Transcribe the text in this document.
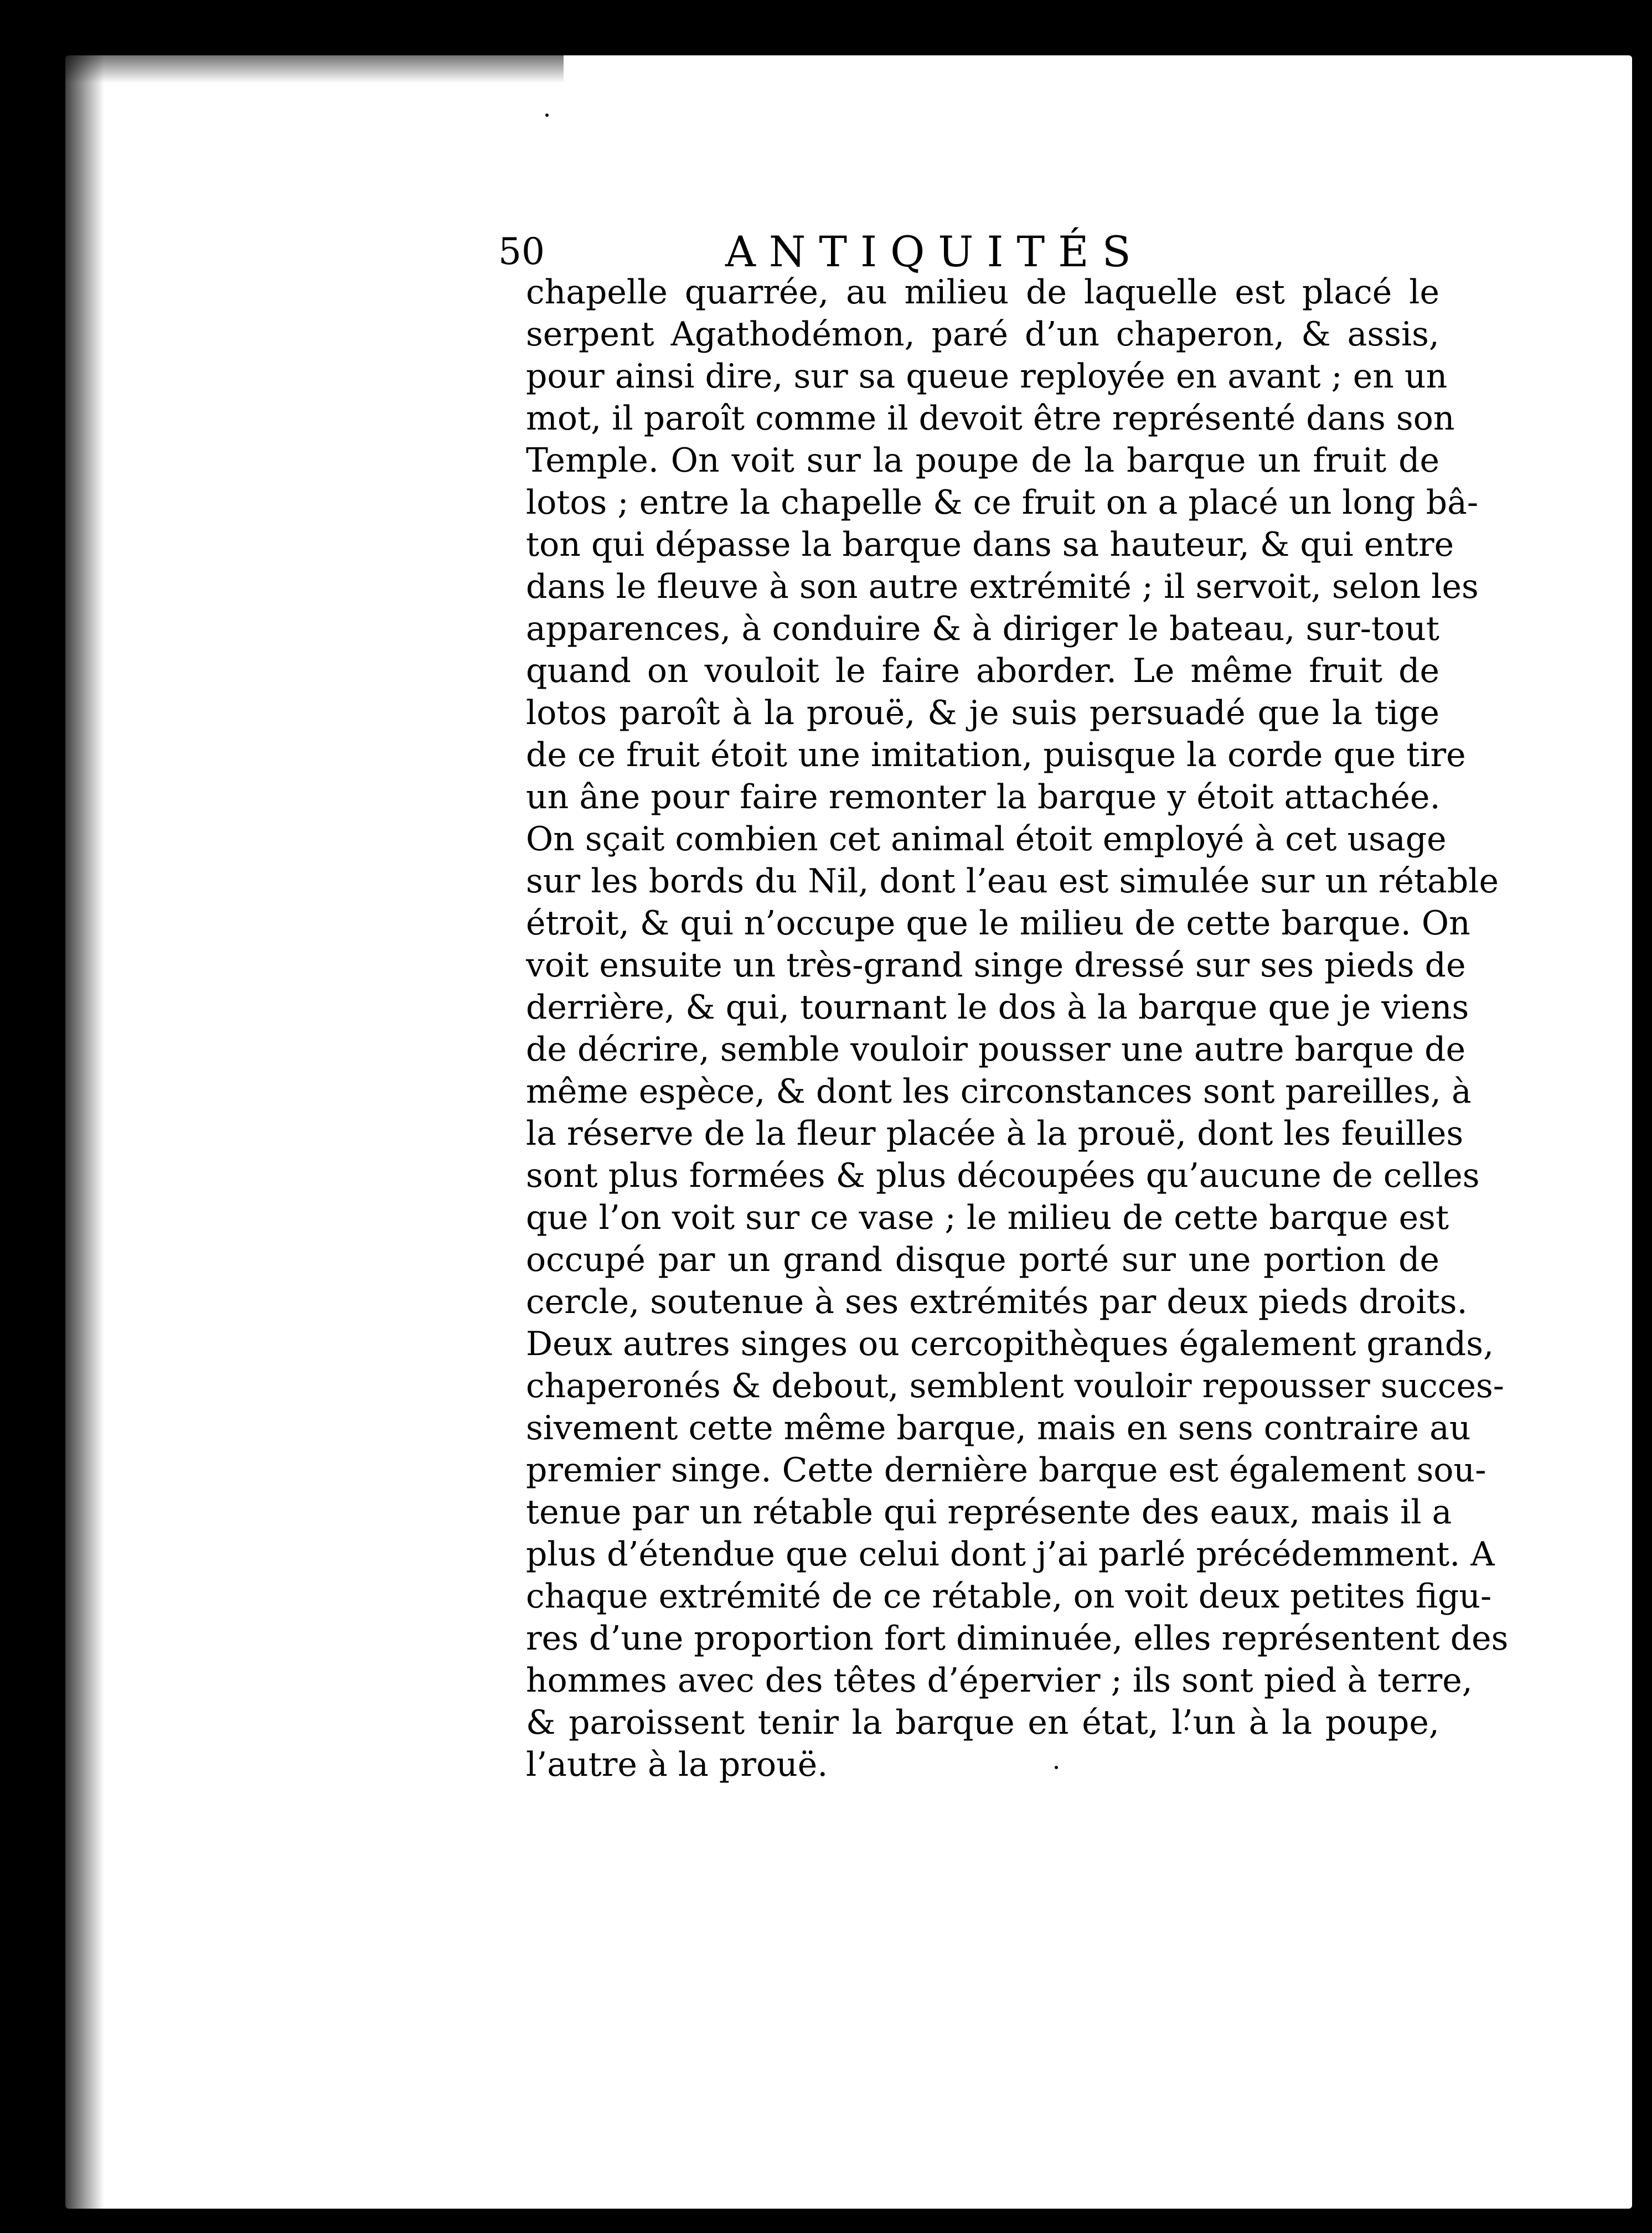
50	ANTIQUITÉS
chapelle quarrée, au milieu de laquelle est placé le
serpent Agathodémon, paré d’un chaperon, & assis,
pour ainsi dire, sur sa queue reployée en avant ; en un
mot, il paroît comme il devoit être représenté dans son
Temple. On voit sur la poupe de la barque un fruit de
lotos ; entre la chapelle & ce fruit on a placé un long bâ-
ton qui dépasse la barque dans sa hauteur, & qui entre
dans le fleuve à son autre extrémité ; il servoit, selon les
apparences, à conduire & à diriger le bateau, sur-tout
quand on vouloit le faire aborder. Le même fruit de
lotos paroît à la prouë, & je suis persuadé que la tige
de ce fruit étoit une imitation, puisque la corde que tire
un âne pour faire remonter la barque y étoit attachée.
On sçait combien cet animal étoit employé à cet usage
sur les bords du Nil, dont l’eau est simulée sur un rétable
étroit, & qui n’occupe que le milieu de cette barque. On
voit ensuite un très-grand singe dressé sur ses pieds de
derrière, & qui, tournant le dos à la barque que je viens
de décrire, semble vouloir pousser une autre barque de
même espèce, & dont les circonstances sont pareilles, à
la réserve de la fleur placée à la prouë, dont les feuilles
sont plus formées & plus découpées qu’aucune de celles
que l’on voit sur ce vase ; le milieu de cette barque est
occupé par un grand disque porté sur une portion de
cercle, soutenue à ses extrémités par deux pieds droits.
Deux autres singes ou cercopithèques également grands,
chaperonés & debout, semblent vouloir repousser succes-
sivement cette même barque, mais en sens contraire au
premier singe. Cette dernière barque est également sou-
tenue par un rétable qui représente des eaux, mais il a
plus d’étendue que celui dont j’ai parlé précédemment. A
chaque extrémité de ce rétable, on voit deux petites figu-
res d’une proportion fort diminuée, elles représentent des
hommes avec des têtes d’épervier ; ils sont pied à terre,
& paroissent tenir la barque en état, l’un à la poupe,
l’autre à la prouë.
